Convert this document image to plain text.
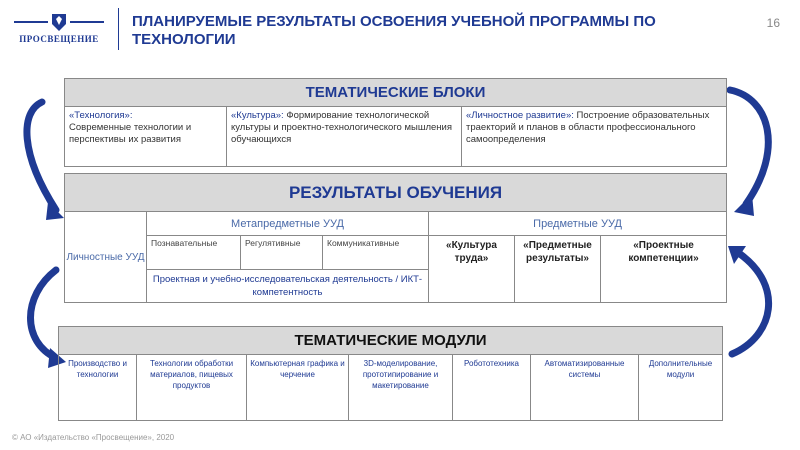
ПРОСВЕЩЕНИЕ
ПЛАНИРУЕМЫЕ РЕЗУЛЬТАТЫ ОСВОЕНИЯ УЧЕБНОЙ ПРОГРАММЫ ПО ТЕХНОЛОГИИ
16
ТЕМАТИЧЕСКИЕ БЛОКИ
«Технология»:
Современные технологии и перспективы их развития	«Культура»: Формирование технологической культуры и проектно-технологического мышления обучающихся	«Личностное развитие»: Построение образовательных траекторий и планов в области профессионального самоопределения
РЕЗУЛЬТАТЫ ОБУЧЕНИЯ						
Личностные УУД	Метапредметные УУД			Предметные УУД		
	Познавательные	Регулятивные	Коммуникативные	«Культура труда»	«Предметные результаты»	«Проектные компетенции»
	Проектная и учебно-исследовательская деятельность / ИКТ-компетентность					
ТЕМАТИЧЕСКИЕ МОДУЛИ
Производство и технологии	Технологии обработки материалов, пищевых продуктов	Компьютерная графика и черчение	3D-моделирование, прототипирование и макетирование	Робототехника	Автоматизированные системы	Дополнительные модули
© АО «Издательство «Просвещение», 2020
